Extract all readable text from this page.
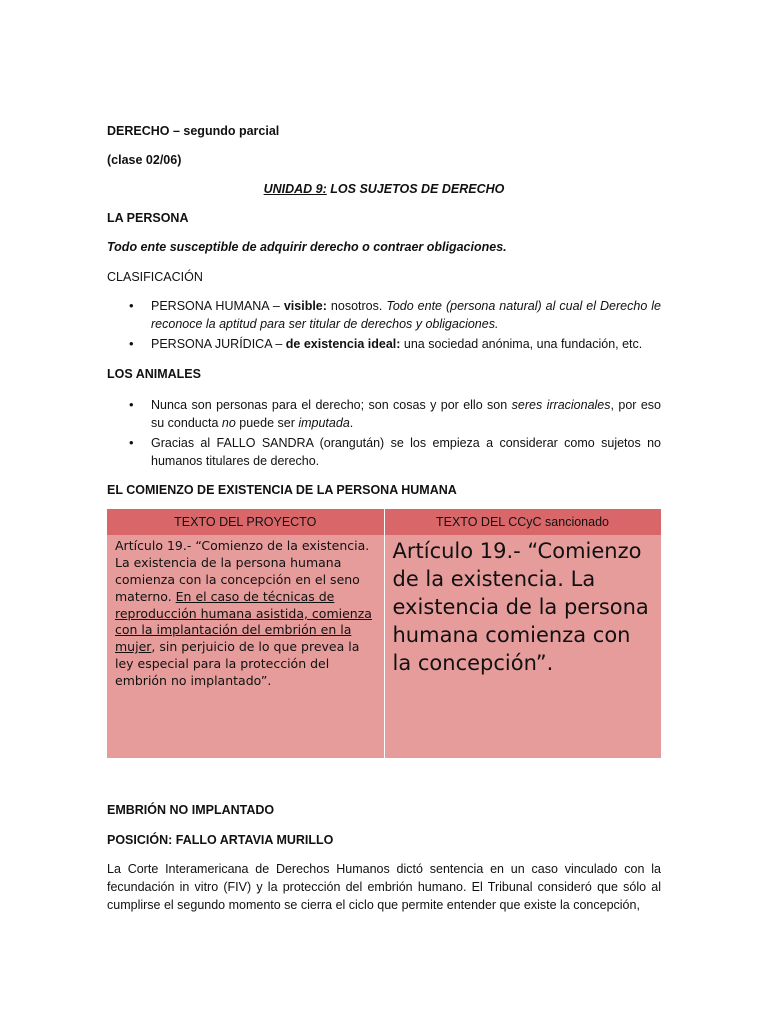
DERECHO – segundo parcial

(clase 02/06)

UNIDAD 9: LOS SUJETOS DE DERECHO

LA PERSONA

Todo ente susceptible de adquirir derecho o contraer obligaciones.

CLASIFICACIÓN

• PERSONA HUMANA – visible: nosotros. Todo ente (persona natural) al cual el Derecho le reconoce la aptitud para ser titular de derechos y obligaciones.
• PERSONA JURÍDICA – de existencia ideal: una sociedad anónima, una fundación, etc.

LOS ANIMALES

• Nunca son personas para el derecho; son cosas y por ello son seres irracionales, por eso su conducta no puede ser imputada.
• Gracias al FALLO SANDRA (orangután) se los empieza a considerar como sujetos no humanos titulares de derecho.

EL COMIENZO DE EXISTENCIA DE LA PERSONA HUMANA

TEXTO DEL PROYECTO	TEXTO DEL CCyC sancionado
Artículo 19.- “Comienzo de la existencia. La existencia de la persona humana comienza con la concepción en el seno materno. En el caso de técnicas de reproducción humana asistida, comienza con la implantación del embrión en la mujer, sin perjuicio de lo que prevea la ley especial para la protección del embrión no implantado”.	Artículo 19.- “Comienzo de la existencia. La existencia de la persona humana comienza con la concepción”.

EMBRIÓN NO IMPLANTADO

POSICIÓN: FALLO ARTAVIA MURILLO

La Corte Interamericana de Derechos Humanos dictó sentencia en un caso vinculado con la fecundación in vitro (FIV) y la protección del embrión humano. El Tribunal consideró que sólo al cumplirse el segundo momento se cierra el ciclo que permite entender que existe la concepción,
